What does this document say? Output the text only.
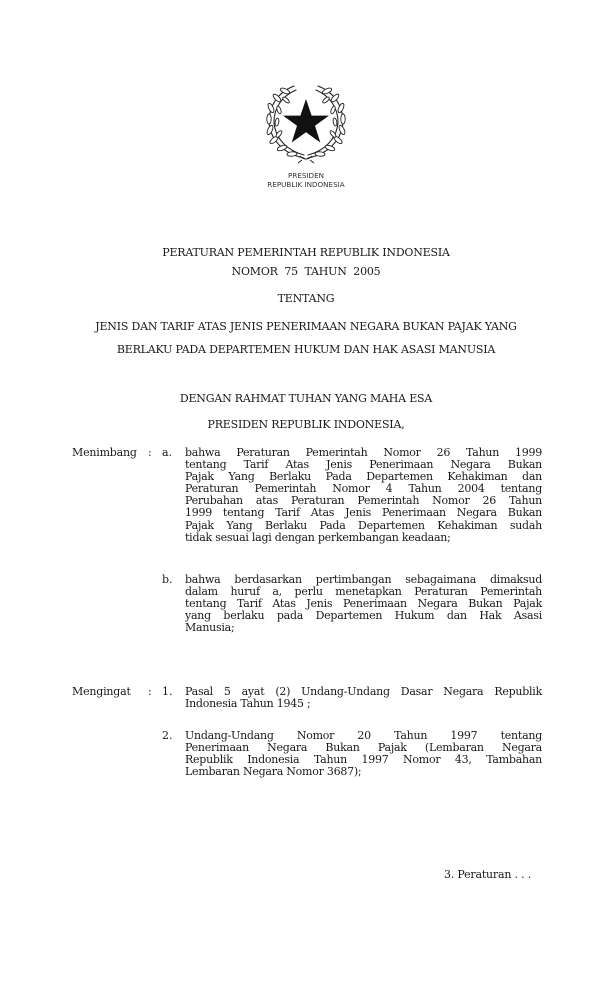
PRESIDEN
REPUBLIK INDONESIA
PERATURAN PEMERINTAH REPUBLIK INDONESIA
NOMOR  75  TAHUN  2005
TENTANG
JENIS DAN TARIF ATAS JENIS PENERIMAAN NEGARA BUKAN PAJAK YANG
BERLAKU PADA DEPARTEMEN HUKUM DAN HAK ASASI MANUSIA
DENGAN RAHMAT TUHAN YANG MAHA ESA
PRESIDEN REPUBLIK INDONESIA,
Menimbang : a. bahwa Peraturan Pemerintah Nomor 26 Tahun 1999
tentang Tarif Atas Jenis Penerimaan Negara Bukan
Pajak Yang Berlaku Pada Departemen Kehakiman dan
Peraturan Pemerintah Nomor 4 Tahun 2004 tentang
Perubahan atas Peraturan Pemerintah Nomor 26 Tahun
1999 tentang Tarif Atas Jenis Penerimaan Negara Bukan
Pajak Yang Berlaku Pada Departemen Kehakiman sudah
tidak sesuai lagi dengan perkembangan keadaan;
b. bahwa berdasarkan pertimbangan sebagaimana dimaksud
dalam huruf a, perlu menetapkan Peraturan Pemerintah
tentang Tarif Atas Jenis Penerimaan Negara Bukan Pajak
yang berlaku pada Departemen Hukum dan Hak Asasi
Manusia;
Mengingat : 1. Pasal 5 ayat (2) Undang-Undang Dasar Negara Republik
Indonesia Tahun 1945 ;
2. Undang-Undang Nomor 20 Tahun 1997 tentang
Penerimaan Negara Bukan Pajak (Lembaran Negara
Republik Indonesia Tahun 1997 Nomor 43, Tambahan
Lembaran Negara Nomor 3687);
3. Peraturan . . .
